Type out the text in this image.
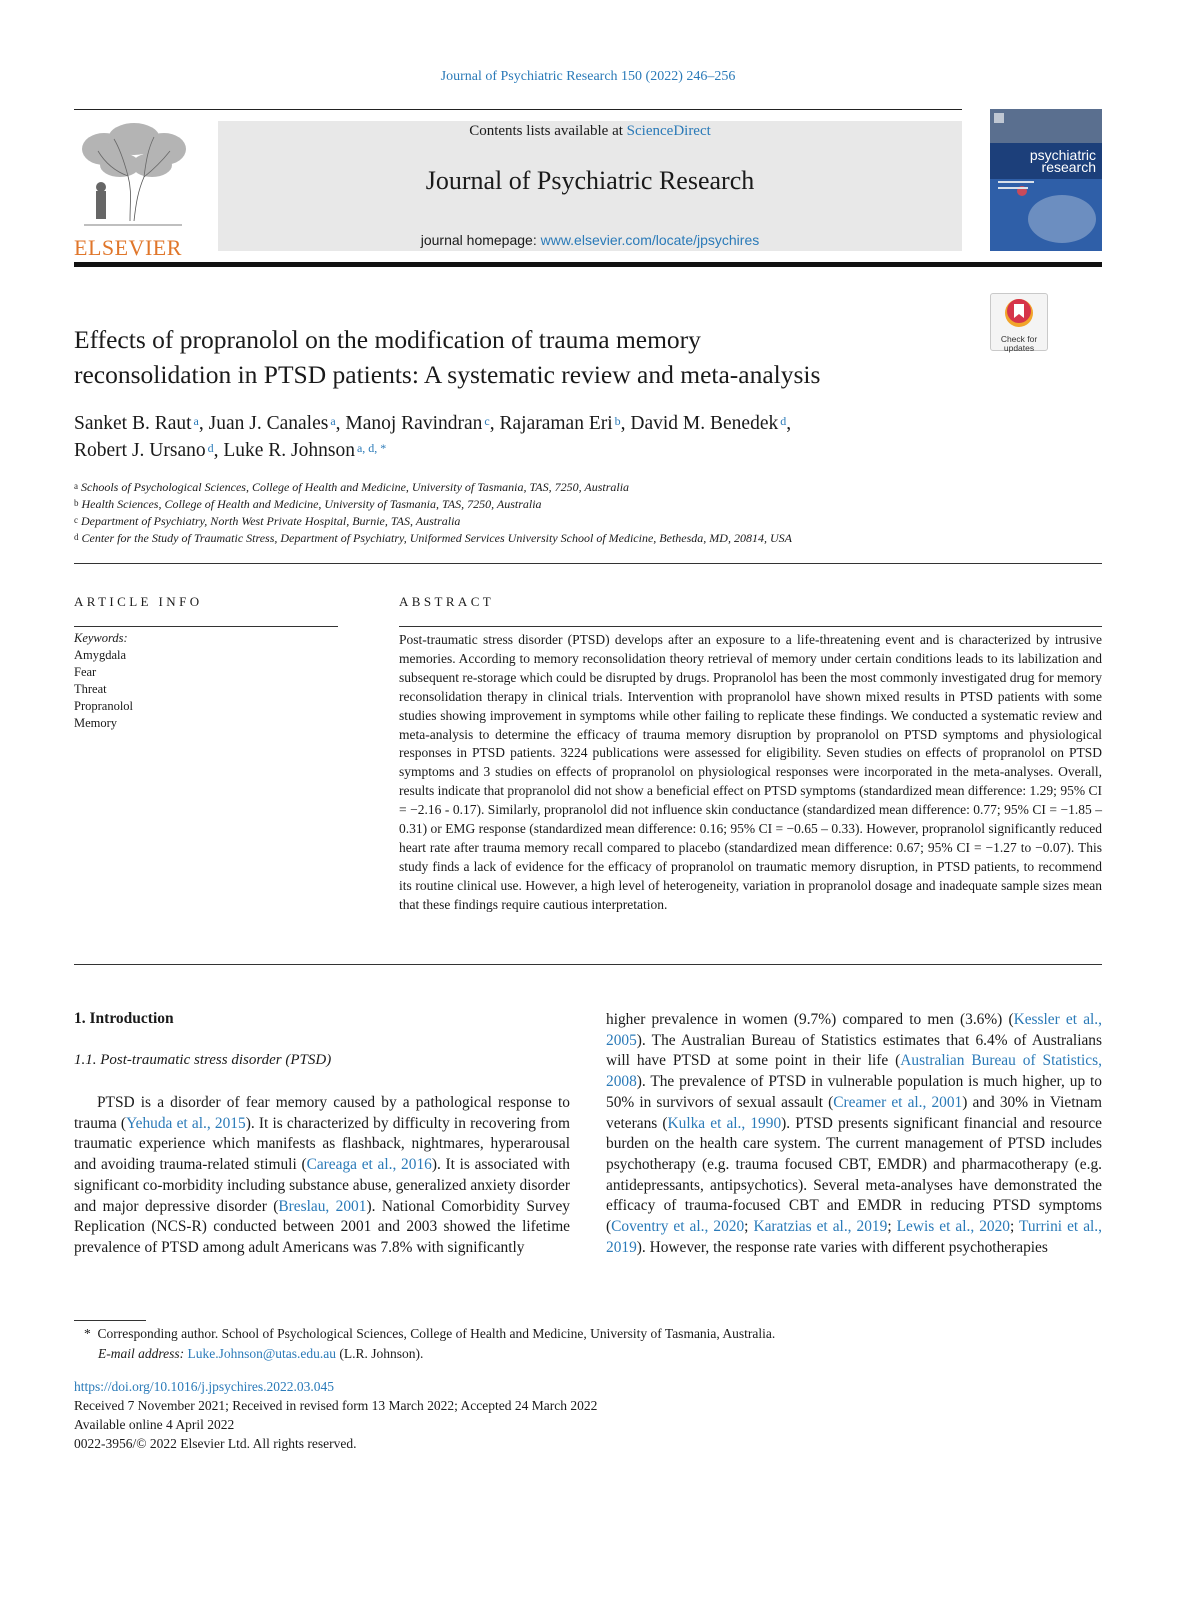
Journal of Psychiatric Research 150 (2022) 246–256
ELSEVIER
Contents lists available at ScienceDirect
Journal of Psychiatric Research
journal homepage: www.elsevier.com/locate/jpsychires
psychiatric
research
Check for
updates
Effects of propranolol on the modification of trauma memory
reconsolidation in PTSD patients: A systematic review and meta-analysis
Sanket B. Raut $^a$, Juan J. Canales $^a$, Manoj Ravindran $^c$, Rajaraman Eri $^b$, David M. Benedek $^d$,
Robert J. Ursano $^d$, Luke R. Johnson $^{a, d, *}$
$^a$ Schools of Psychological Sciences, College of Health and Medicine, University of Tasmania, TAS, 7250, Australia
$^b$ Health Sciences, College of Health and Medicine, University of Tasmania, TAS, 7250, Australia
$^c$ Department of Psychiatry, North West Private Hospital, Burnie, TAS, Australia
$^d$ Center for the Study of Traumatic Stress, Department of Psychiatry, Uniformed Services University School of Medicine, Bethesda, MD, 20814, USA
ARTICLE INFO
Keywords:
Amygdala
Fear
Threat
Propranolol
Memory
ABSTRACT

Post-traumatic stress disorder (PTSD) develops after an exposure to a life-threatening event and is characterized by intrusive memories. According to memory reconsolidation theory retrieval of memory under certain conditions leads to its labilization and subsequent re-storage which could be disrupted by drugs. Propranolol has been the most commonly investigated drug for memory reconsolidation therapy in clinical trials. Intervention with propranolol have shown mixed results in PTSD patients with some studies showing improvement in symptoms while other failing to replicate these findings. We conducted a systematic review and meta-analysis to determine the efficacy of trauma memory disruption by propranolol on PTSD symptoms and physiological responses in PTSD patients. 3224 publications were assessed for eligibility. Seven studies on effects of propranolol on PTSD symptoms and 3 studies on effects of propranolol on physiological responses were incorporated in the meta-analyses. Overall, results indicate that propranolol did not show a beneficial effect on PTSD symptoms (standardized mean difference: 1.29; 95% CI = −2.16 - 0.17). Similarly, propranolol did not influence skin conductance (standardized mean difference: 0.77; 95% CI = −1.85 – 0.31) or EMG response (standardized mean difference: 0.16; 95% CI = −0.65 – 0.33). However, propranolol significantly reduced heart rate after trauma memory recall compared to placebo (standardized mean difference: 0.67; 95% CI = −1.27 to −0.07). This study finds a lack of evidence for the efficacy of propranolol on traumatic memory disruption, in PTSD patients, to recommend its routine clinical use. However, a high level of heterogeneity, variation in propranolol dosage and inadequate sample sizes mean that these findings require cautious interpretation.

1. Introduction
1.1. Post-traumatic stress disorder (PTSD)

PTSD is a disorder of fear memory caused by a pathological response to trauma (Yehuda et al., 2015). It is characterized by difficulty in recovering from traumatic experience which manifests as flashback, nightmares, hyperarousal and avoiding trauma-related stimuli (Careaga et al., 2016). It is associated with significant co-morbidity including substance abuse, generalized anxiety disorder and major depressive disorder (Breslau, 2001). National Comorbidity Survey Replication (NCS-R) conducted between 2001 and 2003 showed the lifetime prevalence of PTSD among adult Americans was 7.8% with significantly

higher prevalence in women (9.7%) compared to men (3.6%) (Kessler et al., 2005). The Australian Bureau of Statistics estimates that 6.4% of Australians will have PTSD at some point in their life (Australian Bureau of Statistics, 2008). The prevalence of PTSD in vulnerable population is much higher, up to 50% in survivors of sexual assault (Creamer et al., 2001) and 30% in Vietnam veterans (Kulka et al., 1990). PTSD presents significant financial and resource burden on the health care system. The current management of PTSD includes psychotherapy (e.g. trauma focused CBT, EMDR) and pharmacotherapy (e.g. antidepressants, antipsychotics). Several meta-analyses have demonstrated the efficacy of trauma-focused CBT and EMDR in reducing PTSD symptoms (Coventry et al., 2020; Karatzias et al., 2019; Lewis et al., 2020; Turrini et al., 2019). However, the response rate varies with different psychotherapies

* Corresponding author. School of Psychological Sciences, College of Health and Medicine, University of Tasmania, Australia.
E-mail address: Luke.Johnson@utas.edu.au (L.R. Johnson).
https://doi.org/10.1016/j.jpsychires.2022.03.045
Received 7 November 2021; Received in revised form 13 March 2022; Accepted 24 March 2022
Available online 4 April 2022
0022-3956/© 2022 Elsevier Ltd. All rights reserved.
